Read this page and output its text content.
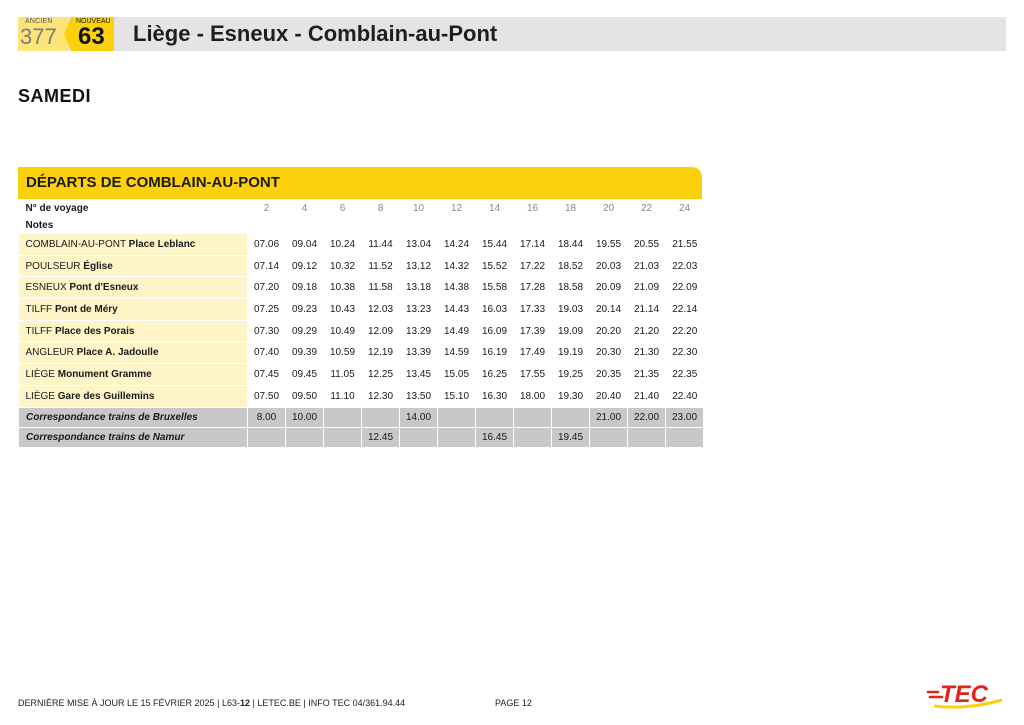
ANCIEN
377
NOUVEAU
63 Liège - Esneux - Comblain-au-Pont
SAMEDI
DÉPARTS DE COMBLAIN-AU-PONT
N° de voyage	2	4	6	8	10	12	14	16	18	20	22	24
Notes												
COMBLAIN-AU-PONT Place Leblanc	07.06	09.04	10.24	11.44	13.04	14.24	15.44	17.14	18.44	19.55	20.55	21.55
POULSEUR Église	07.14	09.12	10.32	11.52	13.12	14.32	15.52	17.22	18.52	20.03	21.03	22.03
ESNEUX Pont d'Esneux	07.20	09.18	10.38	11.58	13.18	14.38	15.58	17.28	18.58	20.09	21.09	22.09
TILFF Pont de Méry	07.25	09.23	10.43	12.03	13.23	14.43	16.03	17.33	19.03	20.14	21.14	22.14
TILFF Place des Porais	07.30	09.29	10.49	12.09	13.29	14.49	16.09	17.39	19.09	20.20	21.20	22.20
ANGLEUR Place A. Jadoulle	07.40	09.39	10.59	12.19	13.39	14.59	16.19	17.49	19.19	20.30	21.30	22.30
LIÈGE Monument Gramme	07.45	09.45	11.05	12.25	13.45	15.05	16.25	17.55	19.25	20.35	21.35	22.35
LIÈGE Gare des Guillemins	07.50	09.50	11.10	12.30	13.50	15.10	16.30	18.00	19.30	20.40	21.40	22.40
Correspondance trains de Bruxelles	8.00	10.00			14.00					21.00	22.00	23.00
Correspondance trains de Namur				12.45			16.45		19.45			
DERNIÈRE MISE À JOUR LE 15 FÉVRIER 2025 | L63-12 | LETEC.BE | INFO TEC 04/361.94.44	PAGE 12	TEC
